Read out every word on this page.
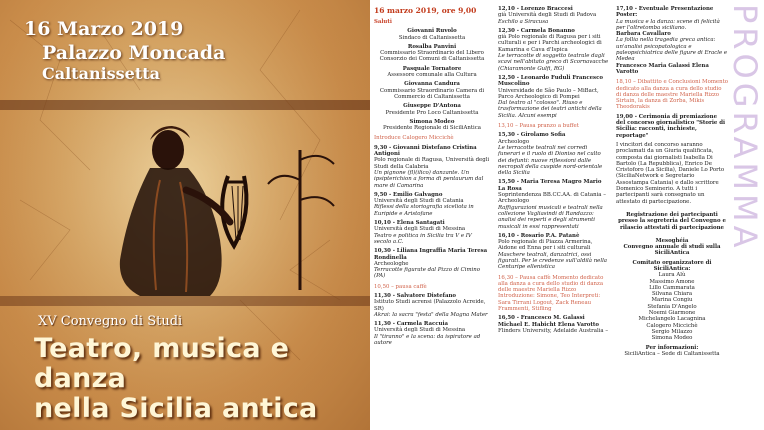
16 Marzo 2019
Palazzo Moncada
Caltanissetta
XV Convegno di Studi
Teatro, musica e danza
nella Sicilia antica
16 marzo 2019, ore 9,00
Saluti
Giovanni Ruvolo
Sindaco di Caltanissetta
Rosalba Panvini
Commissario Straordinario del Libero Consorzio dei Comuni di Caltanissetta
Pasquale Tornatore
Assessore comunale alla Cultura
Giovanna Candura
Commissario Straordinario Camera di Commercio di Caltanissetta
Giuseppe D'Antona
Presidente Pro Loco Caltanissetta
Simona Modeo
Presidente Regionale di SiciliAntica
Introduce Calogero Miccichè
9,30 - Giovanni Distefano Cristina Antigoni
Polo regionale di Ragusa, Università degli Studi della Calabria
Un pignone (fl)(ilico) danzante. Un ipsipterichion a forma di pentaurum dal mare di Camarina
9,50 - Emilio Galvagno
Università degli Studi di Catania
Riflessi della storiografia siceliota in Euripide e Aristofane
10,10 - Elena Santagati
Università degli Studi di Messina
Teatro e politica in Sicilia tra V e IV secolo a.C.
10,30 - Liliana Ingraffia Maria Teresa Rondinella
Archeologhe
Terracotte figurate dal Pizzo di Cimino (PA)
10,50 – pausa caffè
11,30 - Salvatore Distefano
Istituto Studi acrensi (Palazzolo Acreide, SR)
Akrai: la sacra "festa" della Magna Mater
11,30 - Carmela Raccuia
Università degli Studi di Messina
Il "tiranno" e la scena: da ispiratore ad autore
12,10 - Lorenzo Braccesi
già Università degli Studi di Padova
Eschilo a Siracusa
12,30 - Carmela Bonanno
già Polo regionale di Ragusa per i siti culturali e per i Parchi archeologici di Kamarina e Cava d'Ispica
Le terracotte di soggetto teatrale dagli scavi nell'abitato greco di Scornavacche (Chiaramonte Gulfi, RG)
12,50 - Leonardo Fuduli Francesco Muscolino
Universidade de São Paulo – MiBact, Parco Archeologico di Pompei
Dal teatro al "colosso". Riuso e trasformazione dei teatri antichi della Sicilia. Alcuni esempi
13,10 – Pausa pranzo a buffet
15,30 - Girolamo Sofia
Archeologo
Le terracotte teatrali nei corredi funerari e il ruolo di Dioniso nel culto dei defunti: nuove riflessioni dalle necropoli della cuspide nord-orientale della Sicilia
15,50 - Maria Teresa Magro Mario La Rosa
Soprintendenza BB.CC.AA. di Catania – Archeologo
Raffigurazioni musicali e teatrali nella collezione Vagliasindi di Randazzo: analisi dei reperti e degli strumenti musicali in essi rappresentati
16,10 - Rosario P.A. Patanè
Polo regionale di Piazza Armerina, Aidone ed Enna per i siti culturali
Maschere teatrali, danzatrici, ossi figurati. Per le credenze sull'aldilà nella Centuripe ellenistica
16,30 – Pausa caffè Momento dedicato alla danza a cura dello studio di danza delle maestre Mariella Rizzo Introduzione: Simone, Teo Interpreti: Sara Tirrani Logout, Zack Reneau Frammenti, Stifling
16,50 - Francesco M. Galassi Michael E. Habicht Elena Varotto
Flinders University, Adelaide Australia –
17,10 - Eventuale Presentazione
Poster:
La musica e la danza: scene di felicità per l'oltretomba siciliano.
Barbara Cavallaro
La follia nella tragedia greca antica: un'analisi psicopatologica e paleopsichiatrica delle figure di Eracle e Medea
Francesco Maria Galassi Elena Varotto
18,10 – Dibattito e Conclusioni Momento dedicato alla danza a cura dello studio di danza delle maestre Mariella Rizzo Sirtain, la danza di Zorba, Mikis Theodorakis
19,00 - Cerimonia di premiazione del concorso giornalistico "Storie di Sicilia: racconti, inchieste, reportage"
I vincitori del concorso saranno proclamati da un Giuria qualificata, composta dai giornalisti Isabella Di Bartolo (La Repubblica), Enrico De Cristoforo (La Sicilia), Daniele Lo Porto (SiciliaNetwork e Segretario Assostampa Catania) e dallo scrittore Domenico Seminerio. A tutti i partecipanti sarà consegnato un attestato di partecipazione.
Registrazione dei partecipanti presso la segreteria del Convegno e rilascio attestati di partecipazione
Mesoghéia
Convegno annuale di studi sulla SiciliAntica
Comitato organizzatore di SiciliAntica:
Laura Alù
Massimo Amone
Lillo Cammarata
Silvana Chiara
Marina Congiu
Stefania D'Angelo
Noemi Giarmone
Michelangelo Lacagnina
Calogero Miccichè
Sergio Milazzo
Simona Modeo
Per informazioni:
SiciliAntica – Sede di Caltanissetta
PROGRAMMA
